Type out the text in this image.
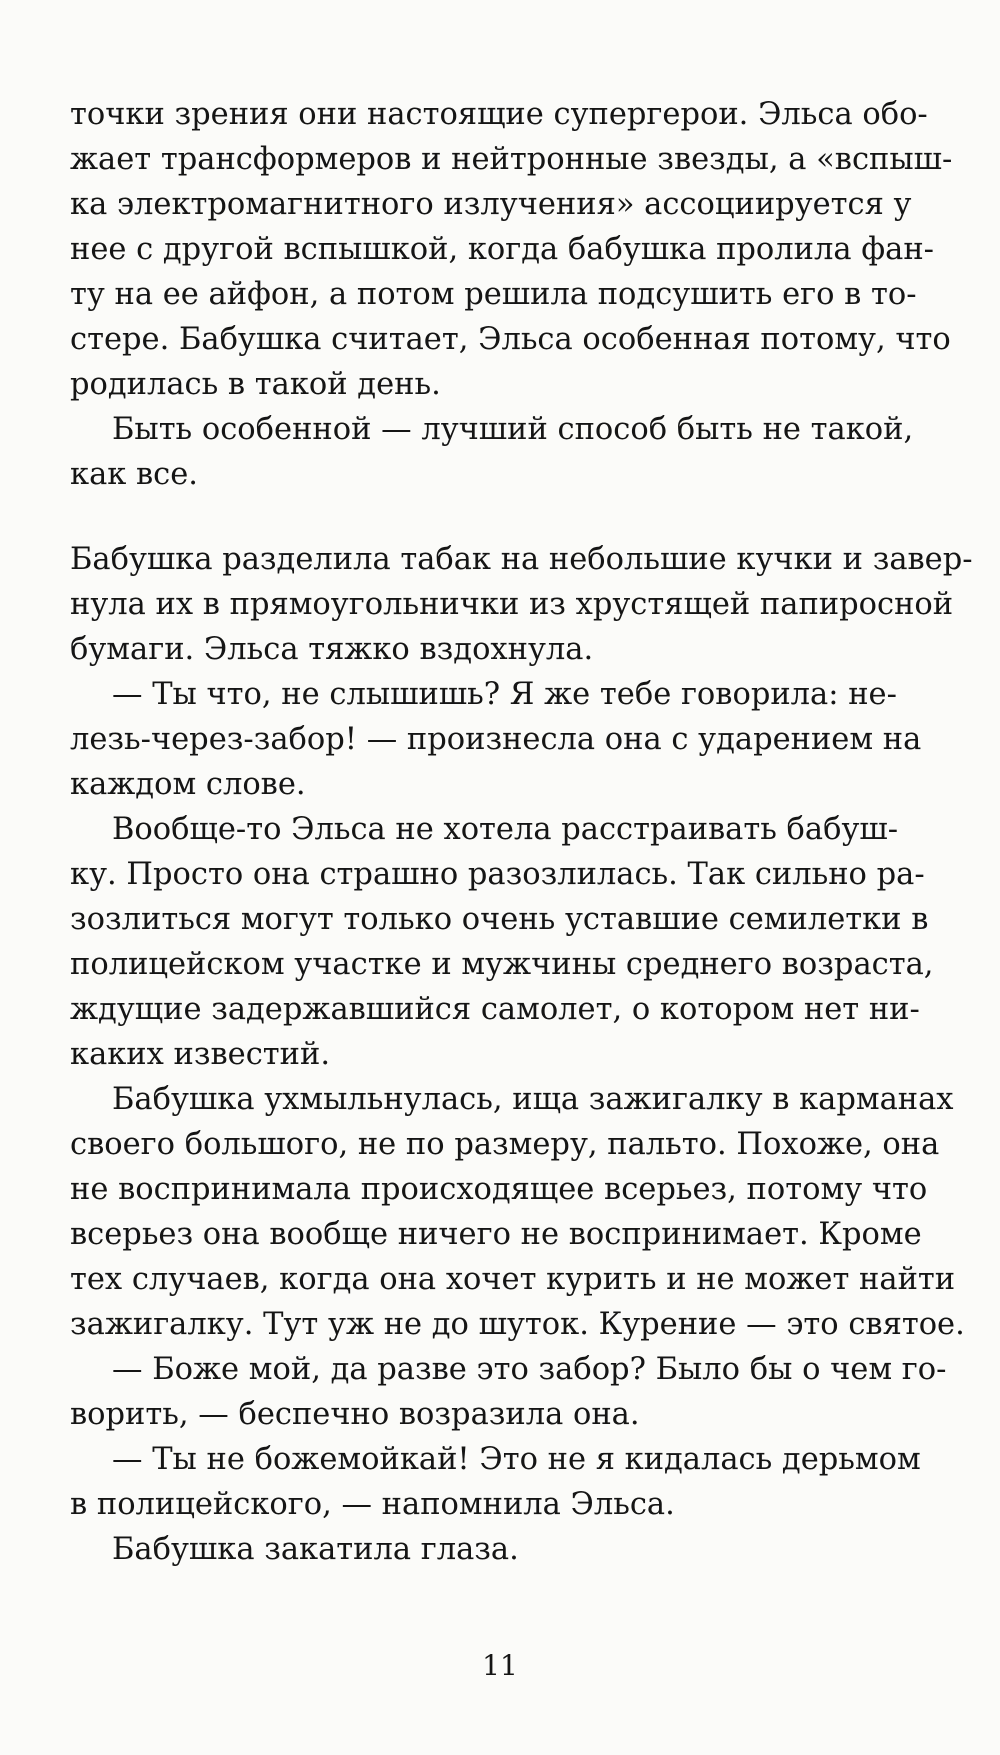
точки зрения они настоящие супергерои. Эльса обо-
жает трансформеров и нейтронные звезды, а «вспыш-
ка электромагнитного излучения» ассоциируется у
нее с другой вспышкой, когда бабушка пролила фан-
ту на ее айфон, а потом решила подсушить его в то-
стере. Бабушка считает, Эльса особенная потому, что
родилась в такой день.
Быть особенной — лучший способ быть не такой,
как все.
Бабушка разделила табак на небольшие кучки и завер-
нула их в прямоугольнички из хрустящей папиросной
бумаги. Эльса тяжко вздохнула.
— Ты что, не слышишь? Я же тебе говорила: не-
лезь-через-забор! — произнесла она с ударением на
каждом слове.
Вообще-то Эльса не хотела расстраивать бабуш-
ку. Просто она страшно разозлилась. Так сильно ра-
зозлиться могут только очень уставшие семилетки в
полицейском участке и мужчины среднего возраста,
ждущие задержавшийся самолет, о котором нет ни-
каких известий.
Бабушка ухмыльнулась, ища зажигалку в карманах
своего большого, не по размеру, пальто. Похоже, она
не воспринимала происходящее всерьез, потому что
всерьез она вообще ничего не воспринимает. Кроме
тех случаев, когда она хочет курить и не может найти
зажигалку. Тут уж не до шуток. Курение — это святое.
— Боже мой, да разве это забор? Было бы о чем го-
ворить, — беспечно возразила она.
— Ты не божемойкай! Это не я кидалась дерьмом
в полицейского, — напомнила Эльса.
Бабушка закатила глаза.
11
